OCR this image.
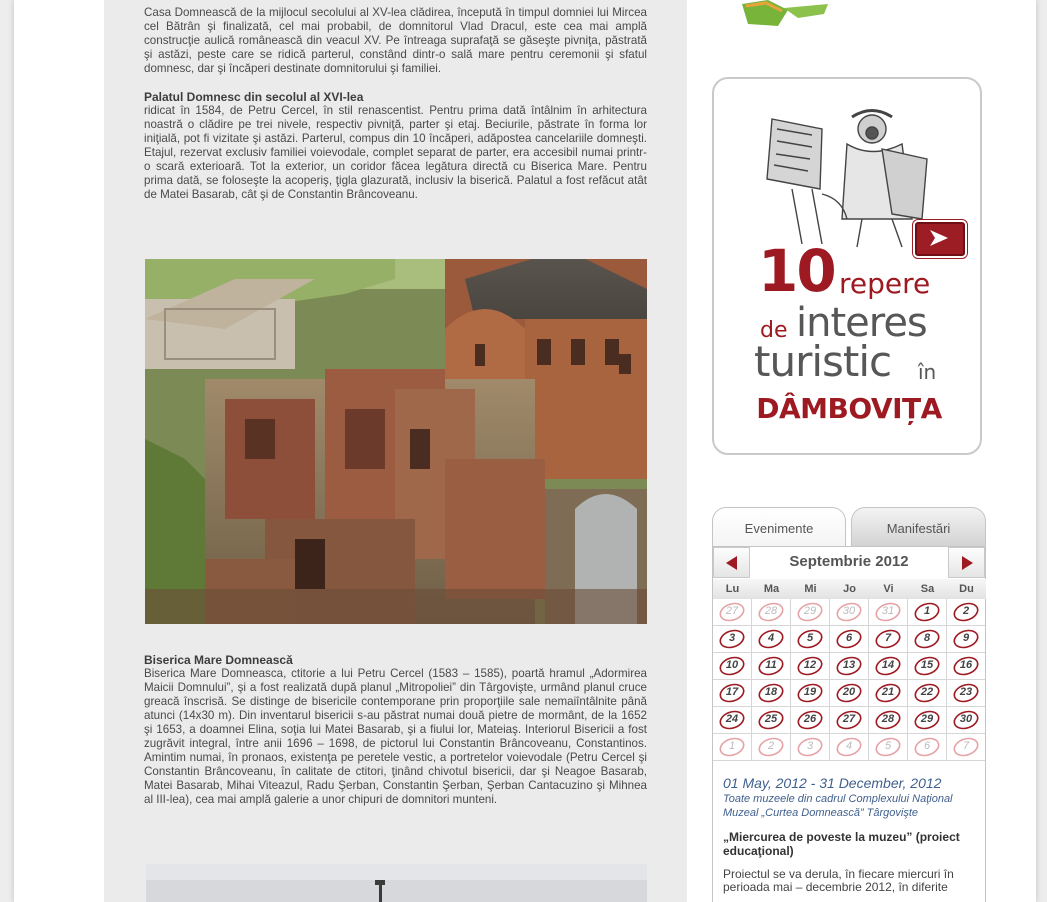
Casa Domnească de la mijlocul secolului al XV-lea clădirea, începută în timpul domniei lui Mircea cel Bătrân şi finalizată, cel mai probabil, de domnitorul Vlad Dracul, este cea mai amplă construcţie aulică românească din veacul XV. Pe întreaga suprafaţă se găseşte pivniţa, păstrată şi astăzi, peste care se ridică parterul, constând dintr-o sală mare pentru ceremonii şi sfatul domnesc, dar şi încăperi destinate domnitorului şi familiei.

Palatul Domnesc din secolul al XVI-lea

ridicat în 1584, de Petru Cercel, în stil renascentist. Pentru prima dată întâlnim în arhitectura noastră o clădire pe trei nivele, respectiv pivniţă, parter şi etaj. Beciurile, păstrate în forma lor iniţială, pot fi vizitate şi astăzi. Parterul, compus din 10 încăperi, adăpostea cancelariile domneşti. Etajul, rezervat exclusiv familiei voievodale, complet separat de parter, era accesibil numai printr-o scară exterioară. Tot la exterior, un coridor făcea legătura directă cu Biserica Mare. Pentru prima dată, se foloseşte la acoperiş, ţigla glazurată, inclusiv la biserică. Palatul a fost refăcut atât de Matei Basarab, cât şi de Constantin Brâncoveanu.

Biserica Mare Domnească

Biserica Mare Domneasca, ctitorie a lui Petru Cercel (1583 – 1585), poartă hramul „Adormirea Maicii Domnului”, şi a fost realizată după planul „Mitropoliei” din Târgovişte, urmând planul cruce greacă înscrisă. Se distinge de bisericile contemporane prin proporţiile sale nemaiîntâlnite până atunci (14x30 m). Din inventarul bisericii s-au păstrat numai două pietre de mormânt, de la 1652 şi 1653, a doamnei Elina, soţia lui Matei Basarab, şi a fiului lor, Mateiaş. Interiorul Bisericii a fost zugrăvit integral, între anii 1696 – 1698, de pictorul lui Constantin Brâncoveanu, Constantinos. Amintim numai, în pronaos, existenţa pe peretele vestic, a portretelor voievodale (Petru Cercel şi Constantin Brâncoveanu, în calitate de ctitori, ţinând chivotul bisericii, dar şi Neagoe Basarab, Matei Basarab, Mihai Viteazul, Radu Şerban, Constantin Şerban, Şerban Cantacuzino şi Mihnea al III-lea), cea mai amplă galerie a unor chipuri de domnitori munteni.

10 repere
de interes
turistic în
DÂMBOVIȚA
Evenimente	Manifestări
Septembrie 2012
Lu	Ma	Mi	Jo	Vi	Sa	Du
27	28	29	30	31	1	2
3	4	5	6	7	8	9
10	11	12	13	14	15	16
17	18	19	20	21	22	23
24	25	26	27	28	29	30
1	2	3	4	5	6	7
01 May, 2012 - 31 December, 2012
Toate muzeele din cadrul Complexului Naţional Muzeal „Curtea Domnească” Târgovişte
„Miercurea de poveste la muzeu” (proiect educaţional)
Proiectul se va derula, în fiecare miercuri în perioada mai – decembrie 2012, în diferite
